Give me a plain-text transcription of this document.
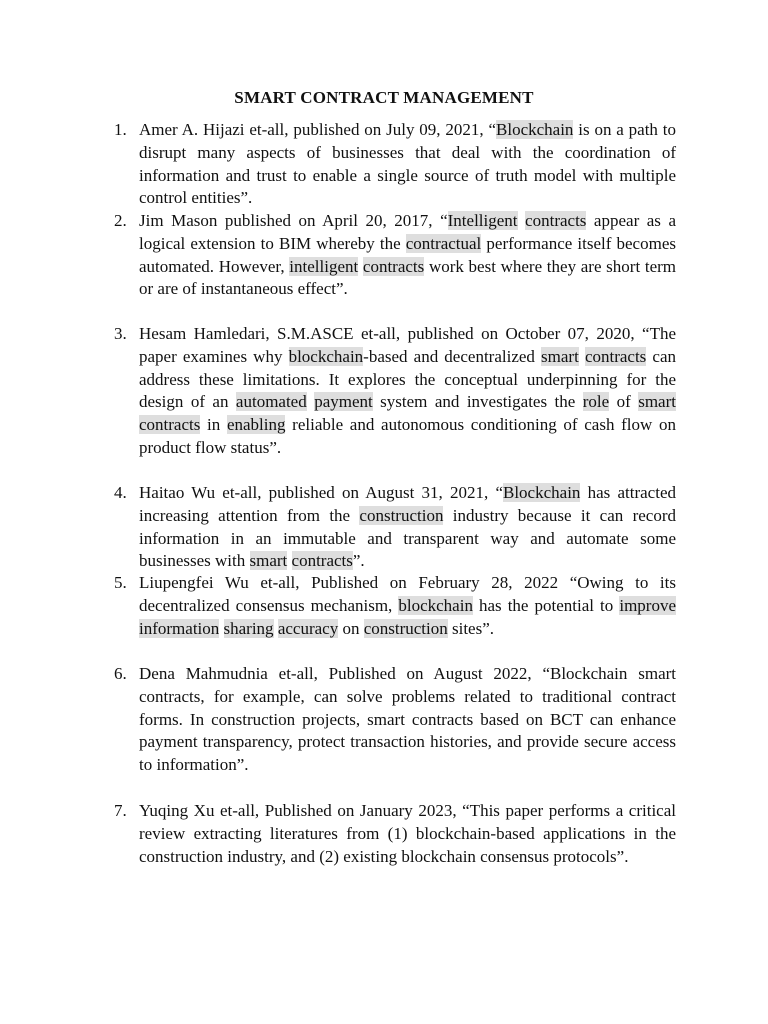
SMART CONTRACT MANAGEMENT
1. Amer A. Hijazi et-all, published on July 09, 2021, “Blockchain is on a path to disrupt many aspects of businesses that deal with the coordination of information and trust to enable a single source of truth model with multiple control entities”.
2. Jim Mason published on April 20, 2017, “Intelligent contracts appear as a logical extension to BIM whereby the contractual performance itself becomes automated. However, intelligent contracts work best where they are short term or are of instantaneous effect”.
3. Hesam Hamledari, S.M.ASCE et-all, published on October 07, 2020, “The paper examines why blockchain-based and decentralized smart contracts can address these limitations. It explores the conceptual underpinning for the design of an automated payment system and investigates the role of smart contracts in enabling reliable and autonomous conditioning of cash flow on product flow status”.
4. Haitao Wu et-all, published on August 31, 2021, “Blockchain has attracted increasing attention from the construction industry because it can record information in an immutable and transparent way and automate some businesses with smart contracts”.
5. Liupengfei Wu et-all, Published on February 28, 2022 “Owing to its decentralized consensus mechanism, blockchain has the potential to improve information sharing accuracy on construction sites”.
6. Dena Mahmudnia et-all, Published on August 2022, “Blockchain smart contracts, for example, can solve problems related to traditional contract forms. In construction projects, smart contracts based on BCT can enhance payment transparency, protect transaction histories, and provide secure access to information”.
7. Yuqing Xu et-all, Published on January 2023, “This paper performs a critical review extracting literatures from (1) blockchain-based applications in the construction industry, and (2) existing blockchain consensus protocols”.
